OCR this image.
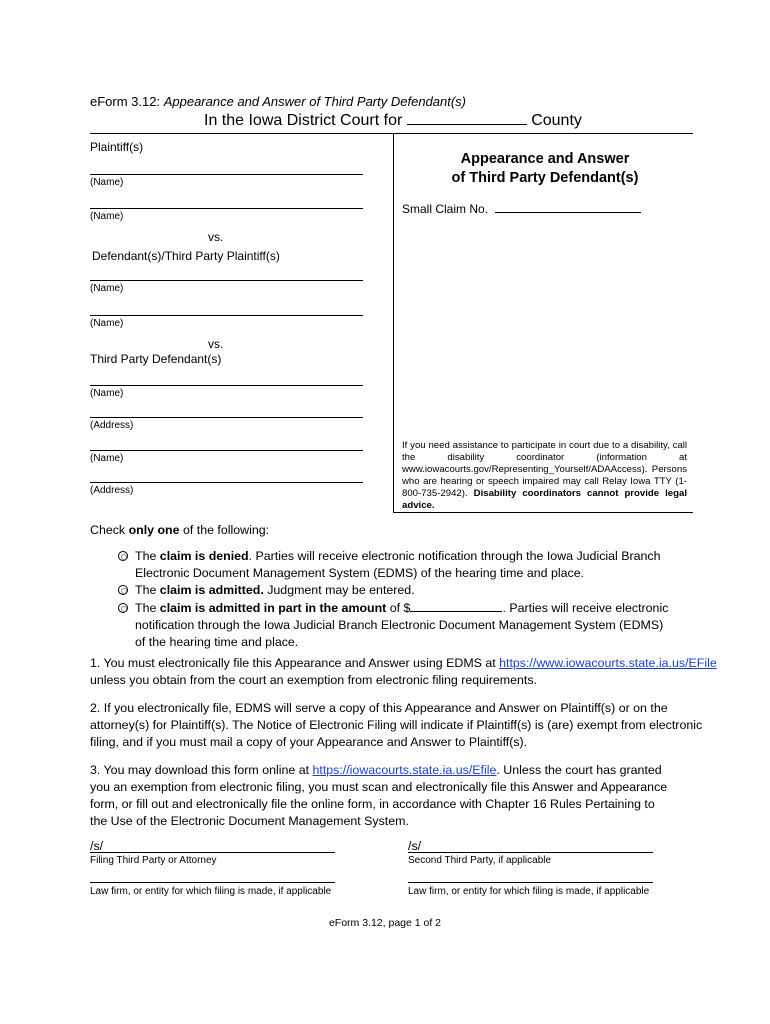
eForm 3.12: Appearance and Answer of Third Party Defendant(s)
In the Iowa District Court for	County
Plaintiff(s)
(Name)
(Name)
vs.
Defendant(s)/Third Party Plaintiff(s)
(Name)
(Name)
vs.
Third Party Defendant(s)
(Name)
(Address)
(Name)
(Address)
Appearance and Answer
of Third Party Defendant(s)
Small Claim No.
If you need assistance to participate in court due to a disability, call the disability coordinator (information at www.iowacourts.gov/Representing_Yourself/ADAAccess). Persons who are hearing or speech impaired may call Relay Iowa TTY (1-800-735-2942). Disability coordinators cannot provide legal advice.
Check only one of the following:
The claim is denied. Parties will receive electronic notification through the Iowa Judicial Branch
Electronic Document Management System (EDMS) of the hearing time and place.
The claim is admitted. Judgment may be entered.
The claim is admitted in part in the amount of $	. Parties will receive electronic
notification through the Iowa Judicial Branch Electronic Document Management System (EDMS)
of the hearing time and place.
1. You must electronically file this Appearance and Answer using EDMS at https://www.iowacourts.state.ia.us/EFile
unless you obtain from the court an exemption from electronic filing requirements.
2. If you electronically file, EDMS will serve a copy of this Appearance and Answer on Plaintiff(s) or on the
attorney(s) for Plaintiff(s). The Notice of Electronic Filing will indicate if Plaintiff(s) is (are) exempt from electronic
filing, and if you must mail a copy of your Appearance and Answer to Plaintiff(s).
3. You may download this form online at https://iowacourts.state.ia.us/Efile. Unless the court has granted
you an exemption from electronic filing, you must scan and electronically file this Answer and Appearance
form, or fill out and electronically file the online form, in accordance with Chapter 16 Rules Pertaining to
the Use of the Electronic Document Management System.
/s/
Filing Third Party or Attorney
/s/
Second Third Party, if applicable
Law firm, or entity for which filing is made, if applicable	Law firm, or entity for which filing is made, if applicable
eForm 3.12, page 1 of 2
